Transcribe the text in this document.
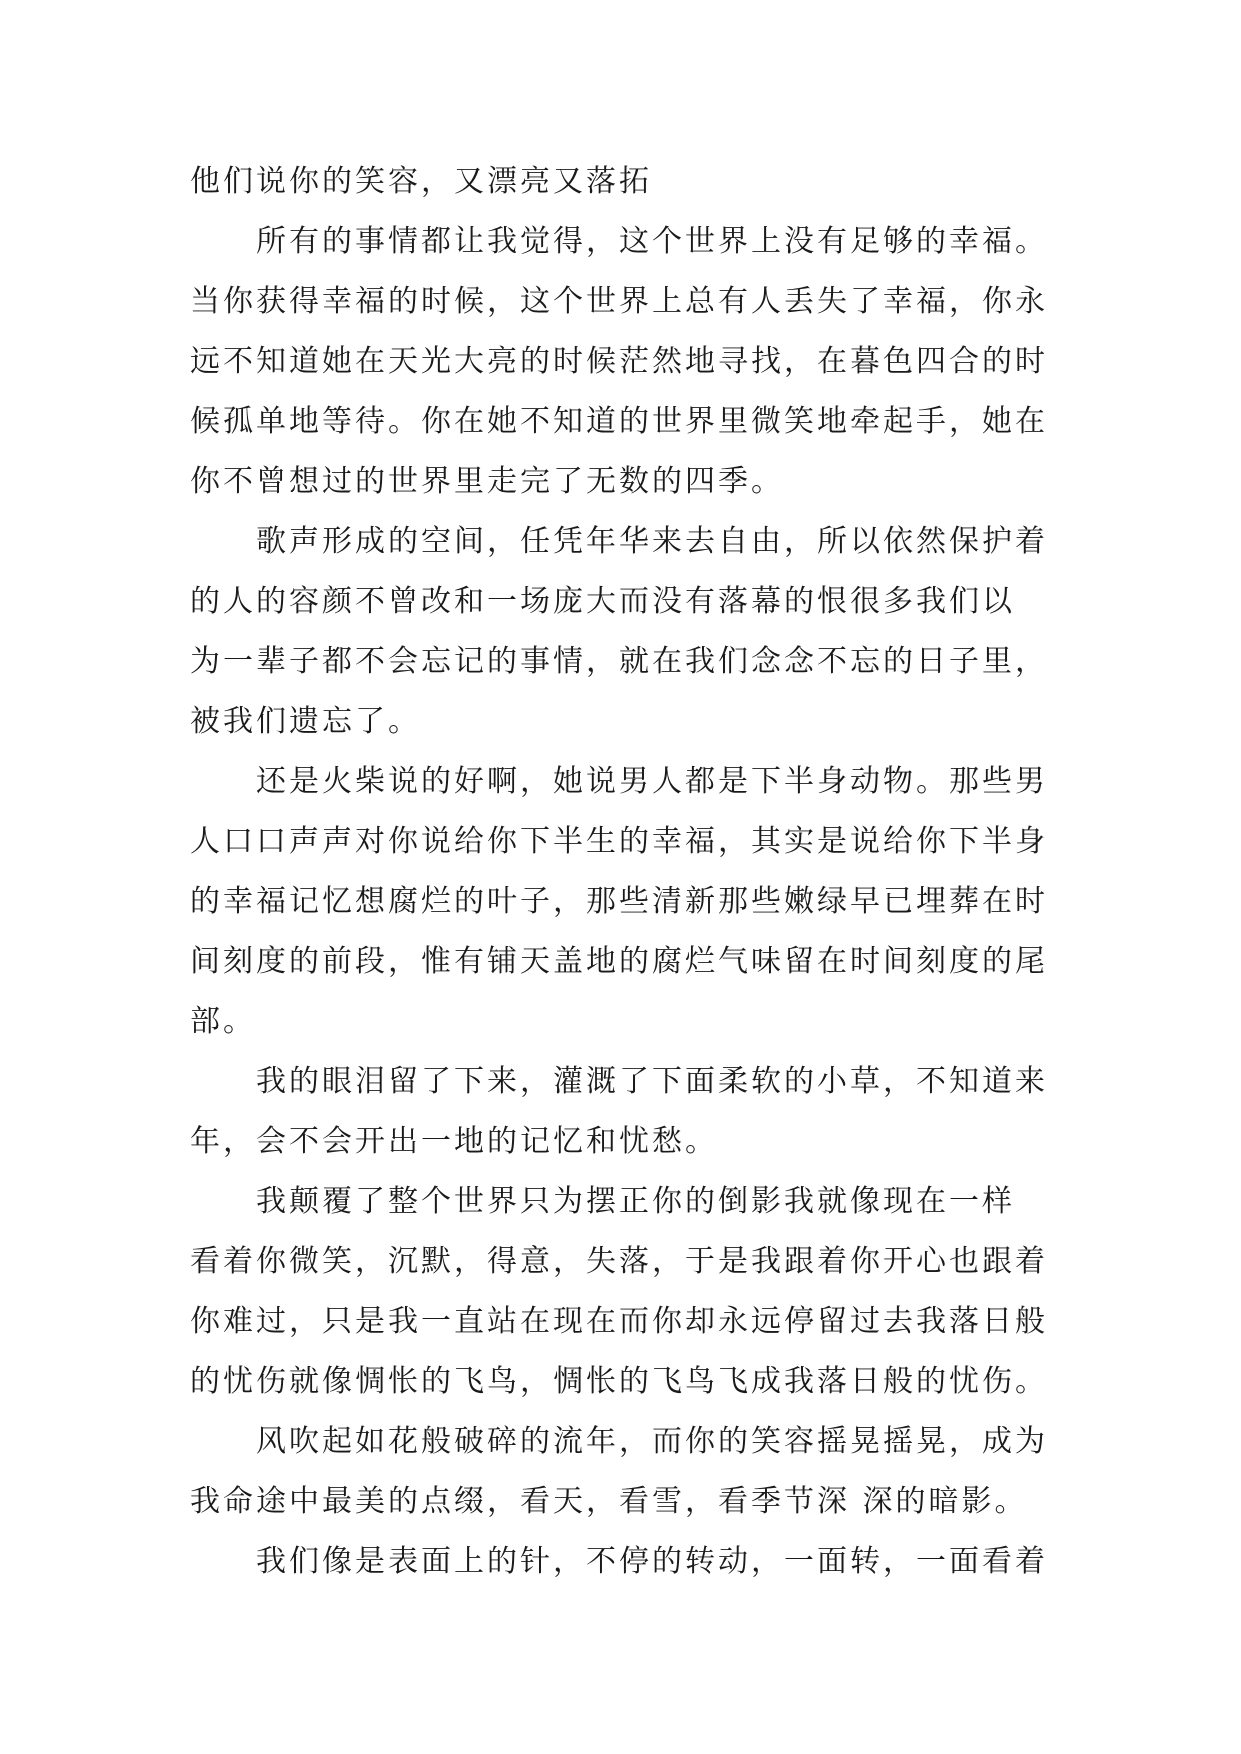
他们说你的笑容，又漂亮又落拓
　　所有的事情都让我觉得，这个世界上没有足够的幸福。
当你获得幸福的时候，这个世界上总有人丢失了幸福，你永
远不知道她在天光大亮的时候茫然地寻找，在暮色四合的时
候孤单地等待。你在她不知道的世界里微笑地牵起手，她在
你不曾想过的世界里走完了无数的四季。
　　歌声形成的空间，任凭年华来去自由，所以依然保护着
的人的容颜不曾改和一场庞大而没有落幕的恨很多我们以
为一辈子都不会忘记的事情，就在我们念念不忘的日子里，
被我们遗忘了。
　　还是火柴说的好啊，她说男人都是下半身动物。那些男
人口口声声对你说给你下半生的幸福，其实是说给你下半身
的幸福记忆想腐烂的叶子，那些清新那些嫩绿早已埋葬在时
间刻度的前段，惟有铺天盖地的腐烂气味留在时间刻度的尾
部。
　　我的眼泪留了下来，灌溉了下面柔软的小草，不知道来
年，会不会开出一地的记忆和忧愁。
　　我颠覆了整个世界只为摆正你的倒影我就像现在一样
看着你微笑，沉默，得意，失落，于是我跟着你开心也跟着
你难过，只是我一直站在现在而你却永远停留过去我落日般
的忧伤就像惆怅的飞鸟，惆怅的飞鸟飞成我落日般的忧伤。
　　风吹起如花般破碎的流年，而你的笑容摇晃摇晃，成为
我命途中最美的点缀，看天，看雪，看季节深 深的暗影。
　　我们像是表面上的针，不停的转动，一面转，一面看着
